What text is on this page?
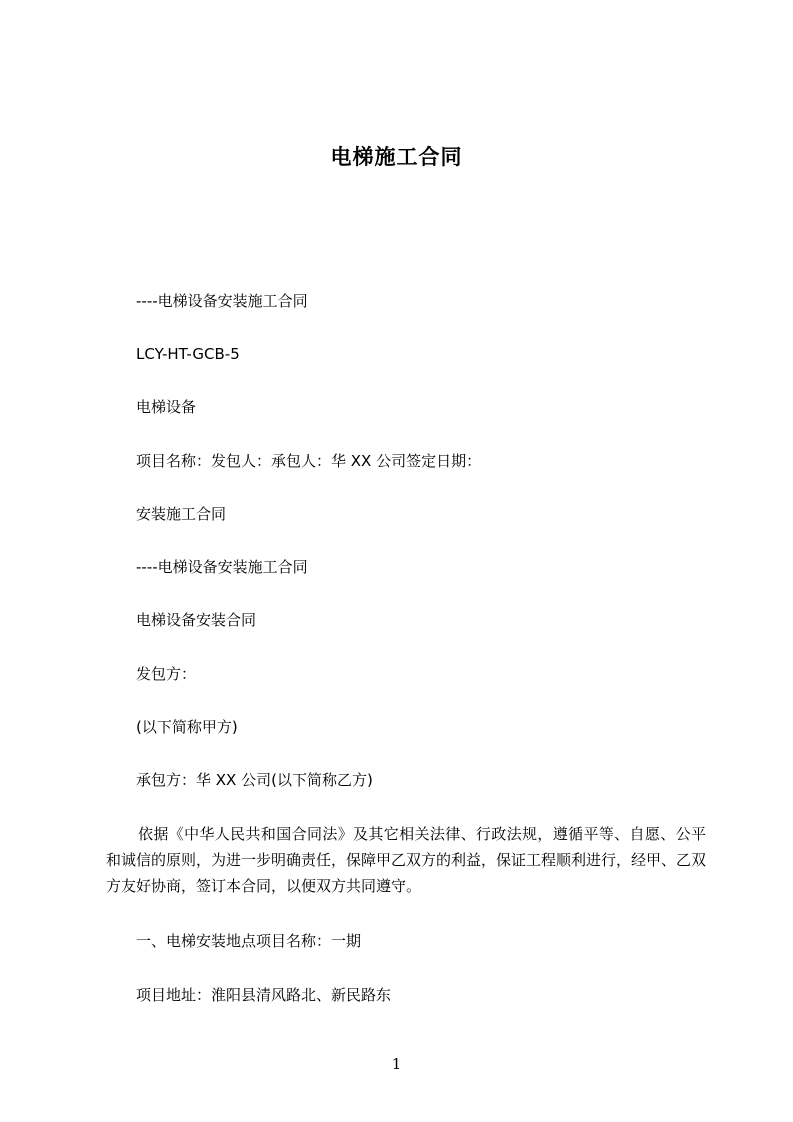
电梯施工合同
----电梯设备安装施工合同
LCY-HT-GCB-5
电梯设备
项目名称：发包人：承包人：华 XX 公司签定日期：
安装施工合同
----电梯设备安装施工合同
电梯设备安装合同
发包方：
(以下简称甲方)
承包方：华 XX 公司(以下简称乙方)
依据《中华人民共和国合同法》及其它相关法律、行政法规，遵循平等、自愿、公平和诚信的原则，为进一步明确责任，保障甲乙双方的利益，保证工程顺利进行，经甲、乙双方友好协商，签订本合同，以便双方共同遵守。
一、电梯安装地点项目名称：一期
项目地址：淮阳县清风路北、新民路东
1
